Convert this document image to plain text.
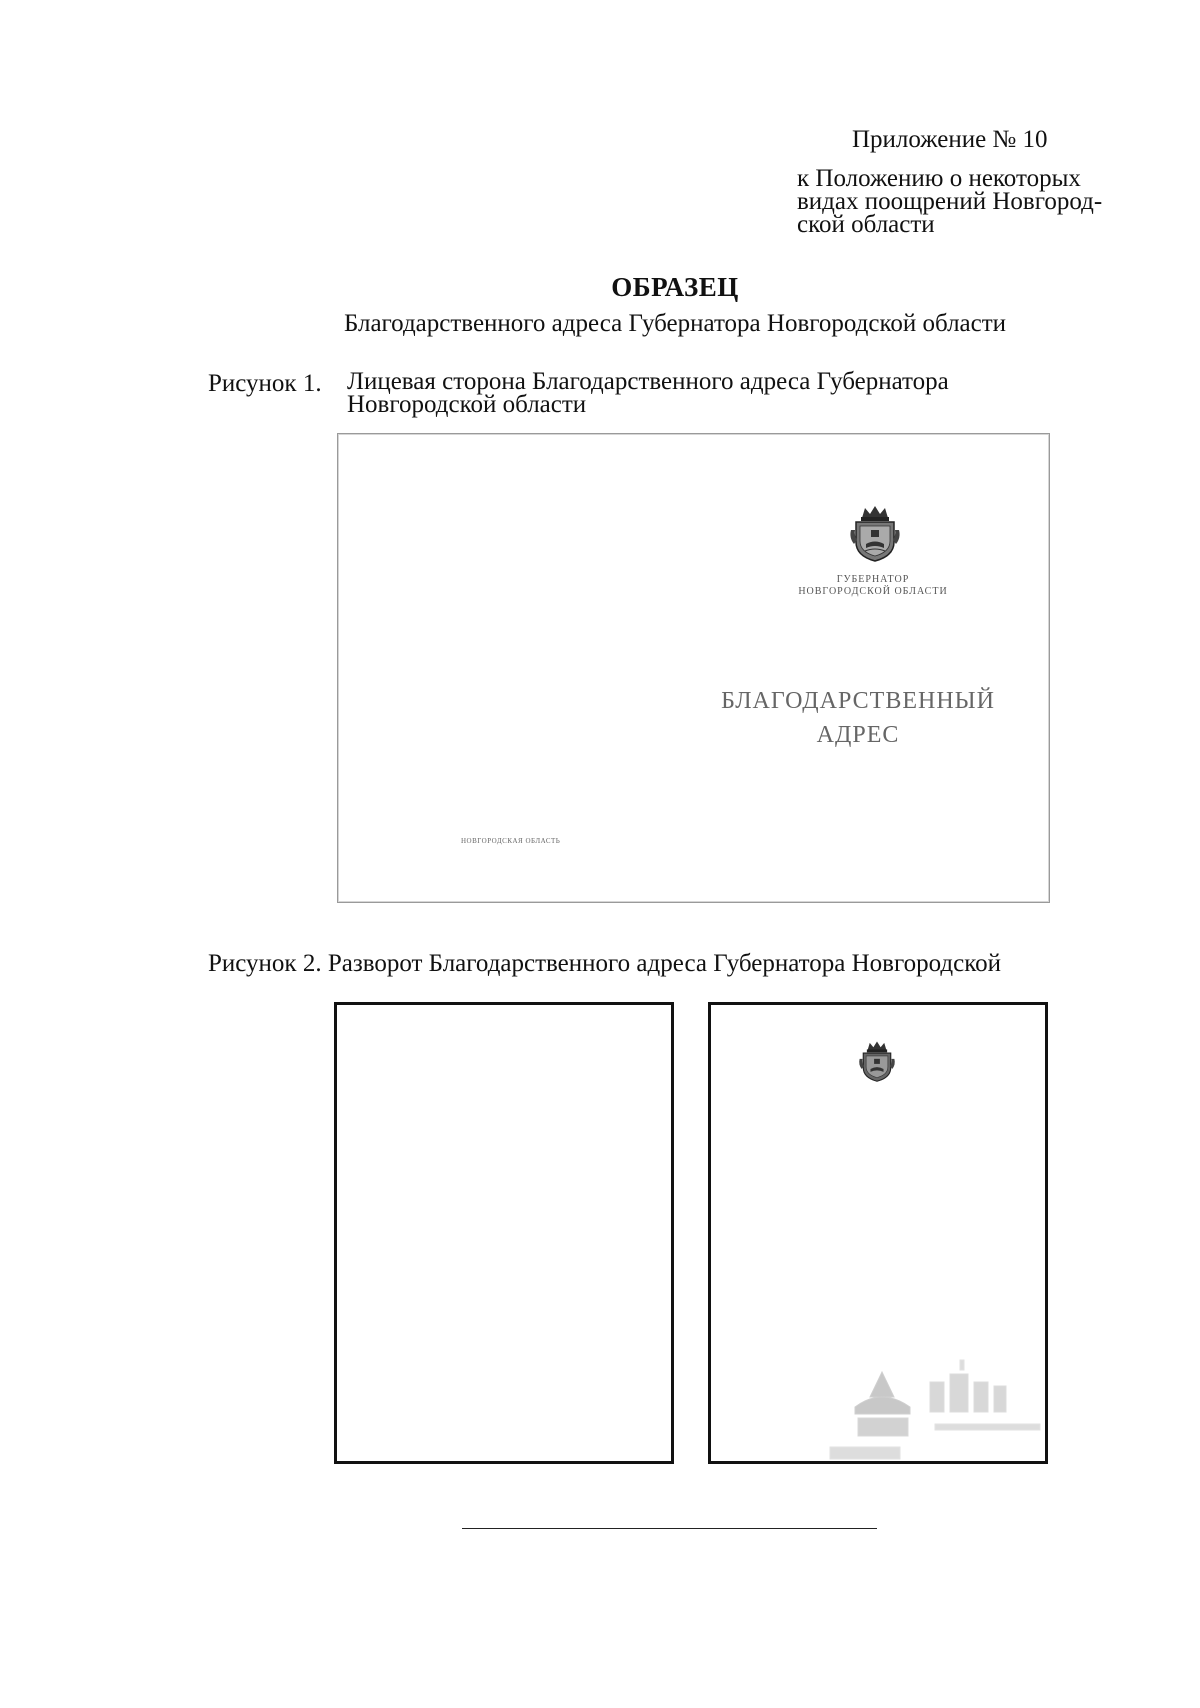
Приложение № 10
к Положению о некоторых
видах поощрений Новгород-
ской области
ОБРАЗЕЦ
Благодарственного адреса Губернатора Новгородской области
Рисунок 1. Лицевая сторона Благодарственного адреса Губернатора
Новгородской области
ГУБЕРНАТОР
НОВГОРОДСКОЙ ОБЛАСТИ
БЛАГОДАРСТВЕННЫЙ
АДРЕС
НОВГОРОДСКАЯ ОБЛАСТЬ
Рисунок 2. Разворот Благодарственного адреса Губернатора Новгородской
